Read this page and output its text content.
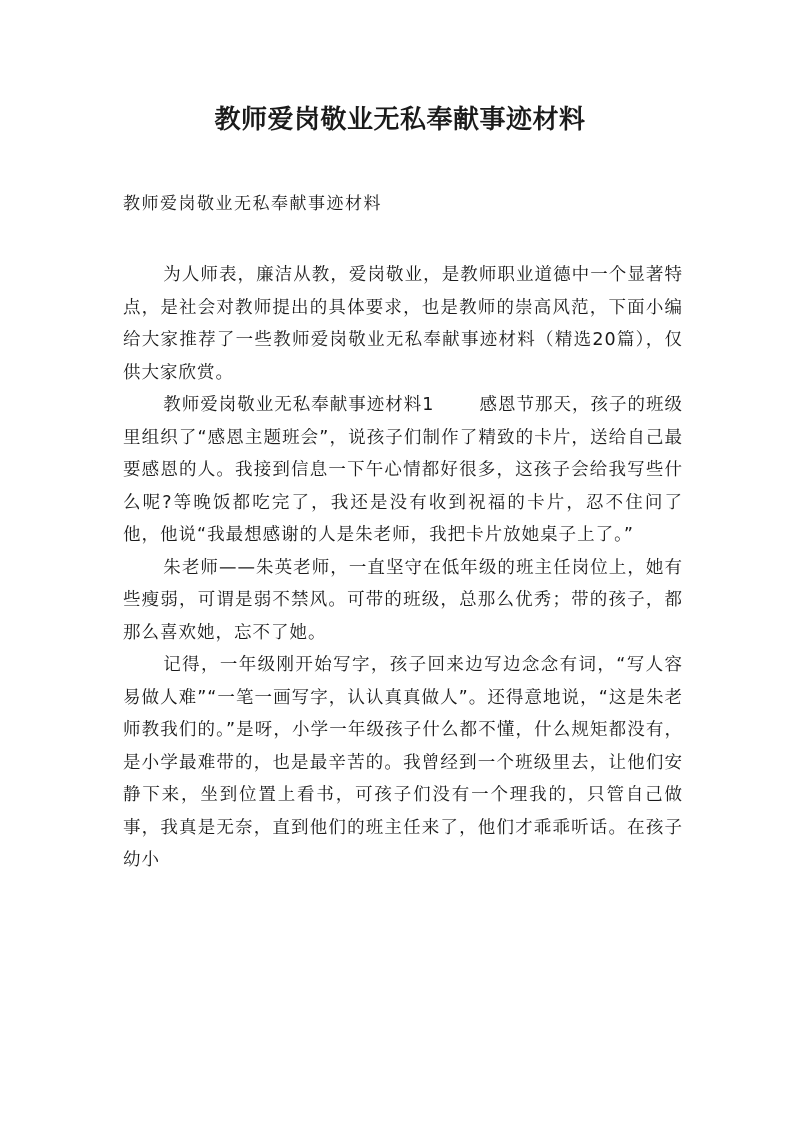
教师爱岗敬业无私奉献事迹材料

教师爱岗敬业无私奉献事迹材料

为人师表，廉洁从教，爱岗敬业，是教师职业道德中一个显著特点，是社会对教师提出的具体要求，也是教师的崇高风范，下面小编给大家推荐了一些教师爱岗敬业无私奉献事迹材料（精选20篇），仅供大家欣赏。

教师爱岗敬业无私奉献事迹材料1	感恩节那天，孩子的班级里组织了“感恩主题班会”，说孩子们制作了精致的卡片，送给自己最要感恩的人。我接到信息一下午心情都好很多，这孩子会给我写些什么呢?等晚饭都吃完了，我还是没有收到祝福的卡片，忍不住问了他，他说“我最想感谢的人是朱老师，我把卡片放她桌子上了。”

朱老师——朱英老师，一直坚守在低年级的班主任岗位上，她有些瘦弱，可谓是弱不禁风。可带的班级，总那么优秀；带的孩子，都那么喜欢她，忘不了她。

记得，一年级刚开始写字，孩子回来边写边念念有词，“写人容易做人难”“一笔一画写字，认认真真做人”。还得意地说，“这是朱老师教我们的。”是呀，小学一年级孩子什么都不懂，什么规矩都没有，是小学最难带的，也是最辛苦的。我曾经到一个班级里去，让他们安静下来，坐到位置上看书，可孩子们没有一个理我的，只管自己做事，我真是无奈，直到他们的班主任来了，他们才乖乖听话。在孩子幼小
